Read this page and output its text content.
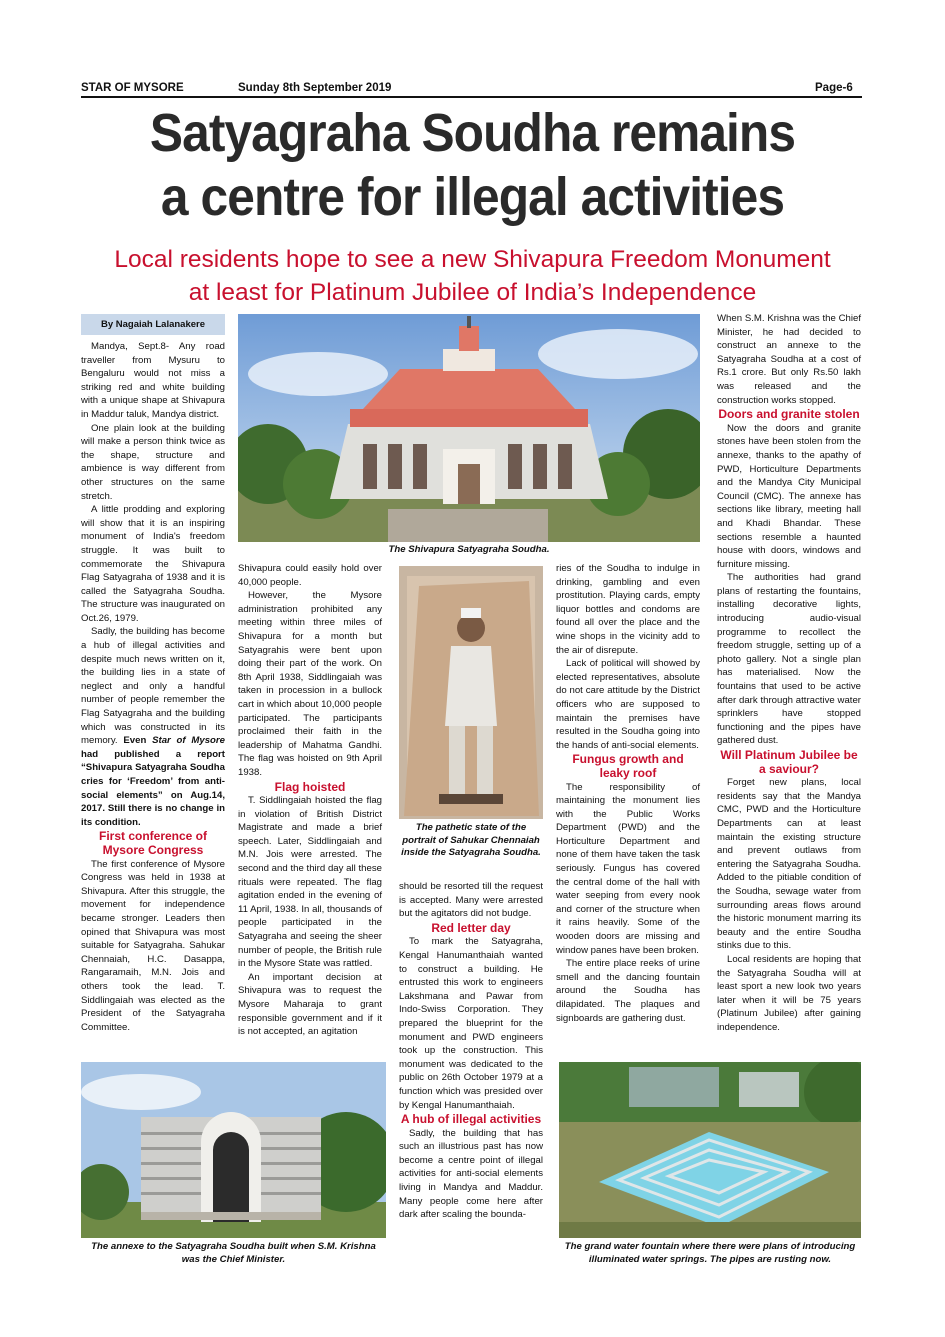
STAR OF MYSORE	Sunday 8th September 2019	Page-6
Satyagraha Soudha remains
a centre for illegal activities
Local residents hope to see a new Shivapura Freedom Monument
at least for Platinum Jubilee of India’s Independence
By Nagaiah Lalanakere

Mandya, Sept.8- Any road traveller from Mysuru to Bengaluru would not miss a striking red and white building with a unique shape at Shivapura in Maddur taluk, Mandya district.

One plain look at the building will make a person think twice as the shape, structure and ambience is way different from other structures on the same stretch.

A little prodding and exploring will show that it is an inspiring monument of India's freedom struggle. It was built to commemorate the Shivapura Flag Satyagraha of 1938 and it is called the Satyagraha Soudha. The structure was inaugurated on Oct.26, 1979.

Sadly, the building has become a hub of illegal activities and despite much news written on it, the building lies in a state of neglect and only a handful number of people remember the Flag Satyagraha and the building which was constructed in its memory. Even Star of Mysore had published a report “Shivapura Satyagraha Soudha cries for ‘Freedom’ from anti-social elements” on Aug.14, 2017. Still there is no change in its condition.

First conference of Mysore Congress

The first conference of Mysore Congress was held in 1938 at Shivapura. After this struggle, the movement for independence became stronger. Leaders then opined that Shivapura was most suitable for Satyagraha. Sahukar Chennaiah, H.C. Dasappa, Rangaramaih, M.N. Jois and others took the lead. T. Siddlingaiah was elected as the President of the Satyagraha Committee.

The Shivapura Satyagraha Soudha.

Shivapura could easily hold over 40,000 people.

However, the Mysore administration prohibited any meeting within three miles of Shivapura for a month but Satyagrahis were bent upon doing their part of the work. On 8th April 1938, Siddlingaiah was taken in procession in a bullock cart in which about 10,000 people participated. The participants proclaimed their faith in the leadership of Mahatma Gandhi. The flag was hoisted on 9th April 1938.

Flag hoisted

T. Siddlingaiah hoisted the flag in violation of British District Magistrate and made a brief speech. Later, Siddlingaiah and M.N. Jois were arrested. The second and the third day all these rituals were repeated. The flag agitation ended in the evening of 11 April, 1938. In all, thousands of people participated in the Satyagraha and seeing the sheer number of people, the British rule in the Mysore State was rattled.

An important decision at Shivapura was to request the Mysore Maharaja to grant responsible government and if it is not accepted, an agitation

The pathetic state of the portrait of Sahukar Chennaiah inside the Satyagraha Soudha.

should be resorted till the request is accepted. Many were arrested but the agitators did not budge.

Red letter day

To mark the Satyagraha, Kengal Hanumanthaiah wanted to construct a building. He entrusted this work to engineers Lakshmana and Pawar from Indo-Swiss Corporation. They prepared the blueprint for the monument and PWD engineers took up the construction. This monument was dedicated to the public on 26th October 1979 at a function which was presided over by Kengal Hanumanthaiah.

A hub of illegal activities

Sadly, the building that has such an illustrious past has now become a centre point of illegal activities for anti-social elements living in Mandya and Maddur. Many people come here after dark after scaling the bounda-

ries of the Soudha to indulge in drinking, gambling and even prostitution. Playing cards, empty liquor bottles and condoms are found all over the place and the wine shops in the vicinity add to the air of disrepute.

Lack of political will showed by elected representatives, absolute do not care attitude by the District officers who are supposed to maintain the premises have resulted in the Soudha going into the hands of anti-social elements.

Fungus growth and leaky roof

The responsibility of maintaining the monument lies with the Public Works Department (PWD) and the Horticulture Department and none of them have taken the task seriously. Fungus has covered the central dome of the hall with water seeping from every nook and corner of the structure when it rains heavily. Some of the wooden doors are missing and window panes have been broken.

The entire place reeks of urine smell and the dancing fountain around the Soudha has dilapidated. The plaques and signboards are gathering dust.

When S.M. Krishna was the Chief Minister, he had decided to construct an annexe to the Satyagraha Soudha at a cost of Rs.1 crore. But only Rs.50 lakh was released and the construction works stopped.

Doors and granite stolen

Now the doors and granite stones have been stolen from the annexe, thanks to the apathy of PWD, Horticulture Departments and the Mandya City Municipal Council (CMC). The annexe has sections like library, meeting hall and Khadi Bhandar. These sections resemble a haunted house with doors, windows and furniture missing.

The authorities had grand plans of restarting the fountains, installing decorative lights, introducing audio-visual programme to recollect the freedom struggle, setting up of a photo gallery. Not a single plan has materialised. Now the fountains that used to be active after dark through attractive water sprinklers have stopped functioning and the pipes have gathered dust.

Will Platinum Jubilee be a saviour?

Forget new plans, local residents say that the Mandya CMC, PWD and the Horticulture Departments can at least maintain the existing structure and prevent outlaws from entering the Satyagraha Soudha. Added to the pitiable condition of the Soudha, sewage water from surrounding areas flows around the historic monument marring its beauty and the entire Soudha stinks due to this.

Local residents are hoping that the Satyagraha Soudha will at least sport a new look two years later when it will be 75 years (Platinum Jubilee) after gaining independence.

The annexe to the Satyagraha Soudha built when S.M. Krishna was the Chief Minister.
The grand water fountain where there were plans of introducing illuminated water springs. The pipes are rusting now.
